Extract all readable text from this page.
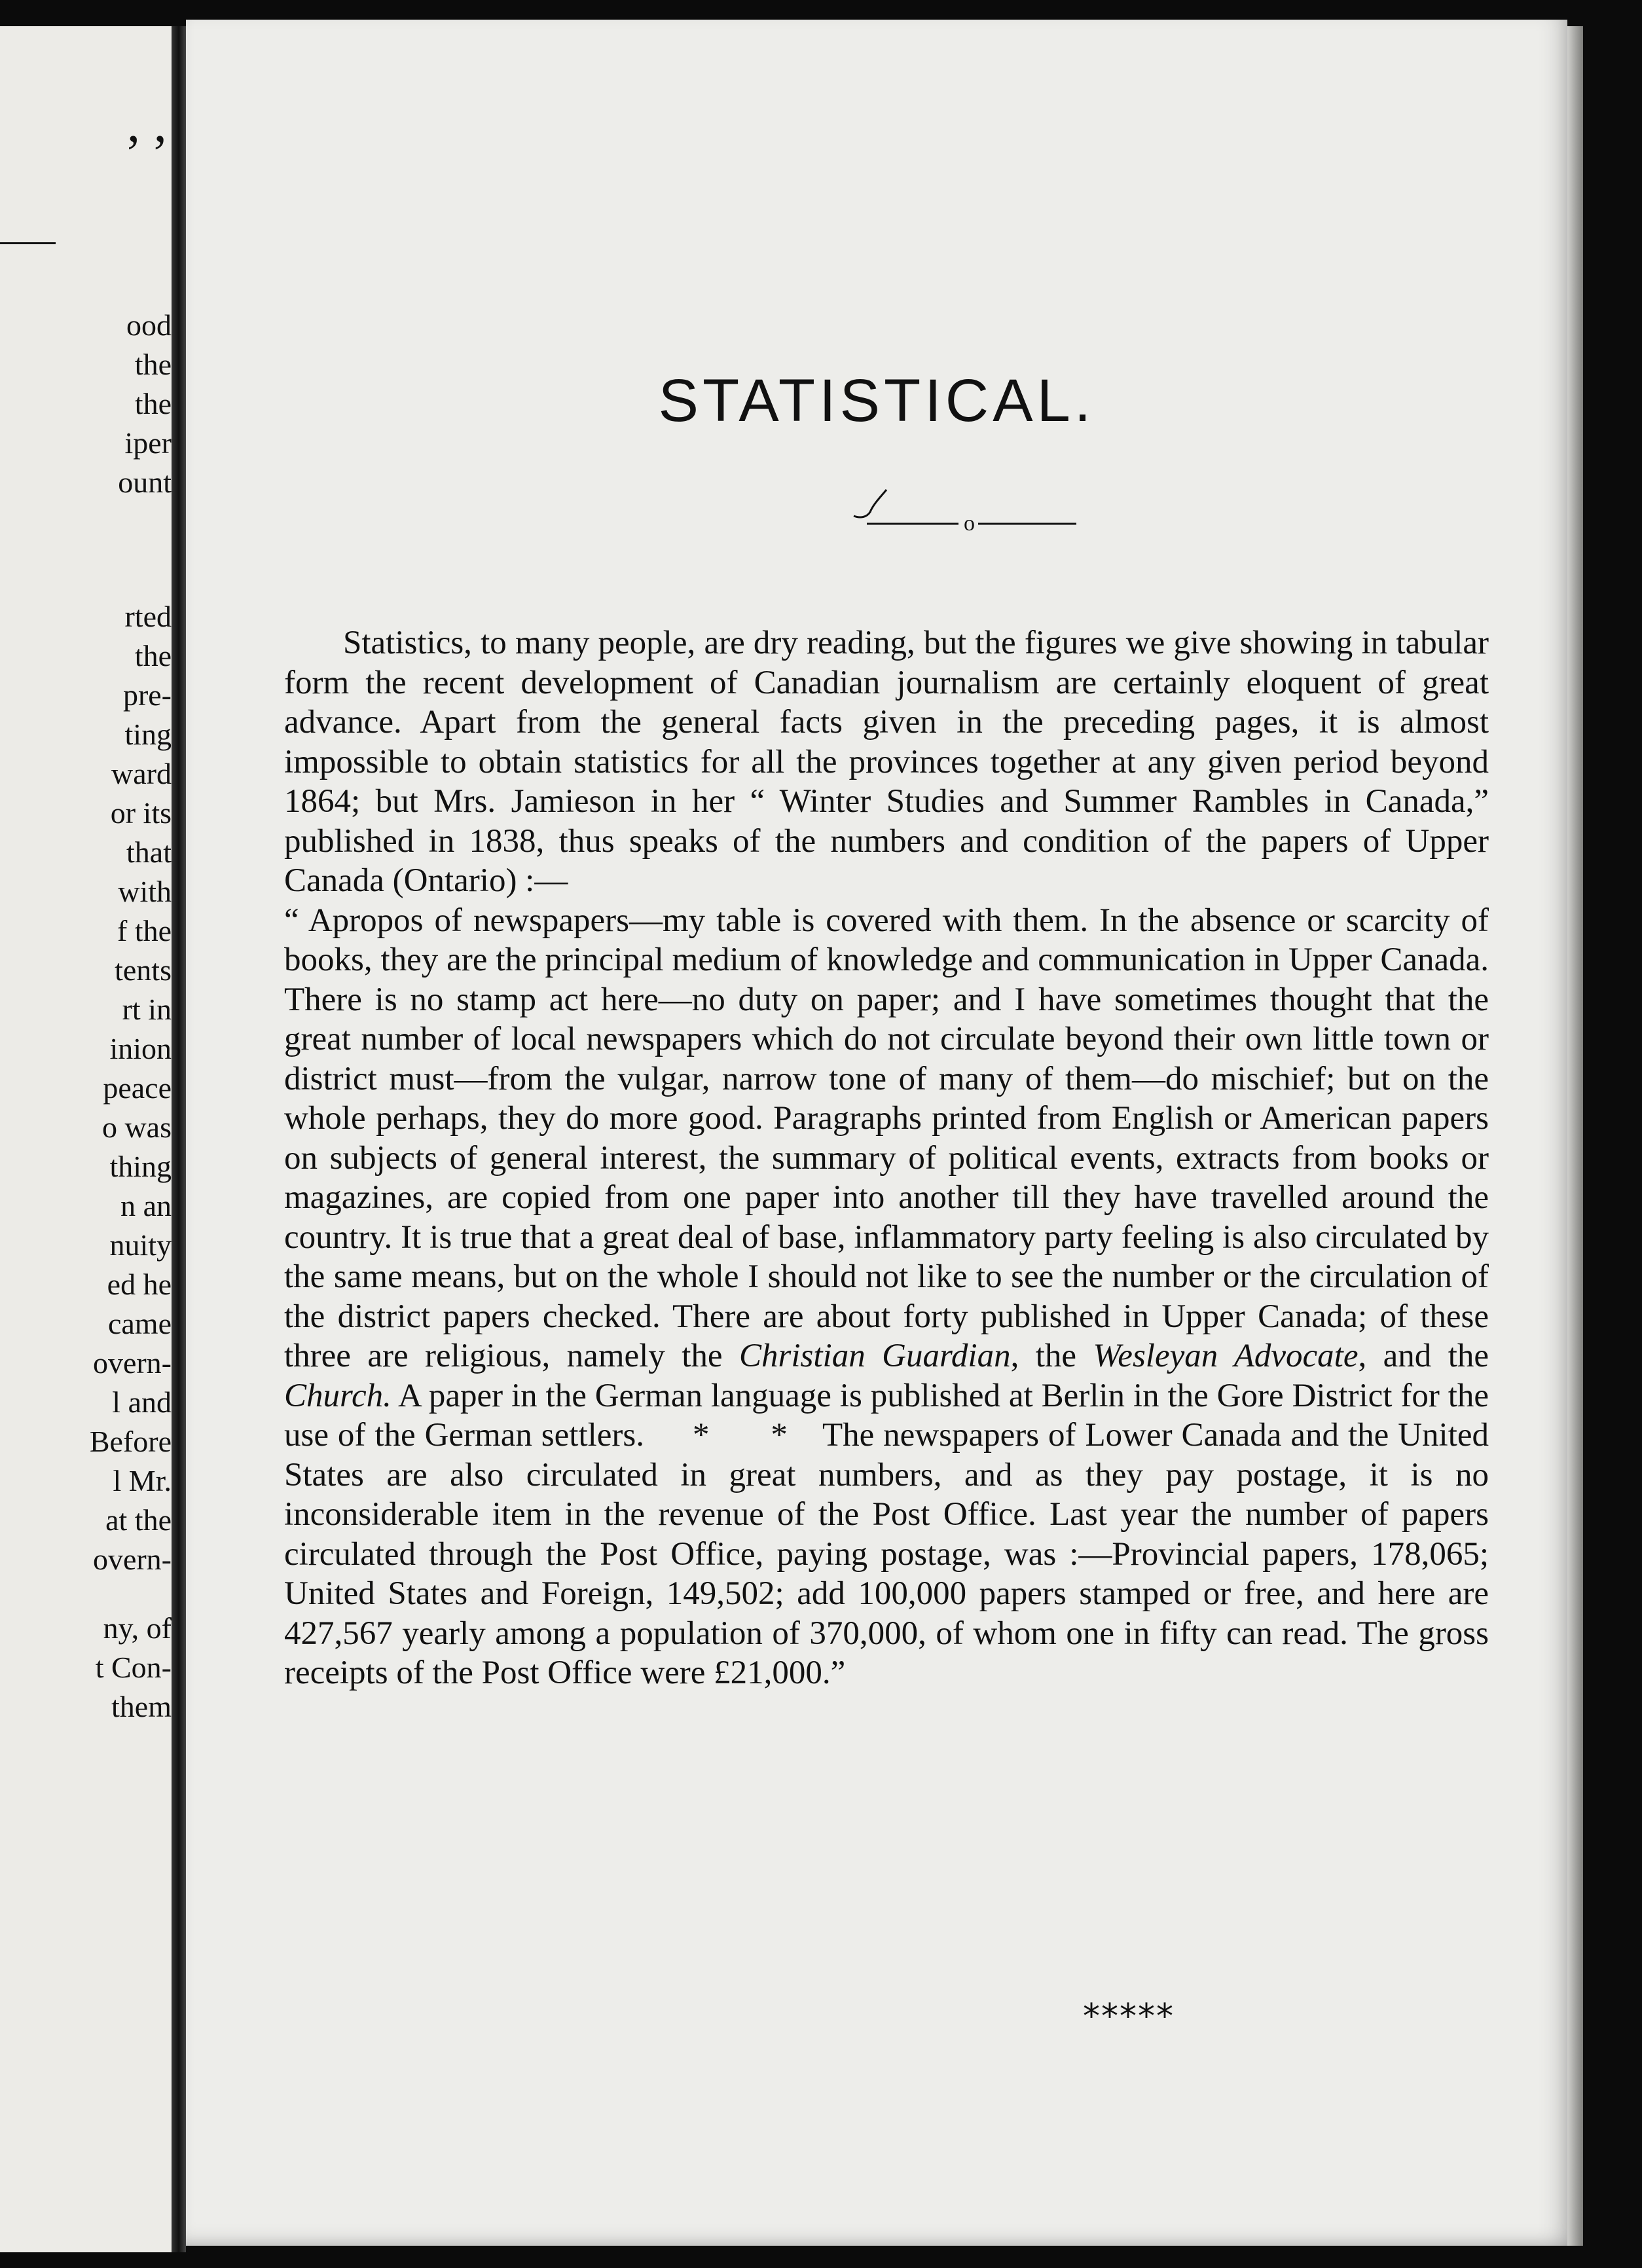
’ ’
ood
the
the
iper
ount
rted
the
pre-
ting
ward
or its
that
with
f the
tents
rt in
inion
peace
o was
thing
n an
nuity
ed he
came
overn-
l and
Before
l Mr.
at the
overn-
ny, of
t Con-
them
STATISTICAL.
o

Statistics, to many people, are dry reading, but the figures we give showing in tabular form the recent development of Canadian journalism are certainly eloquent of great advance. Apart from the general facts given in the preceding pages, it is almost impossible to obtain statistics for all the provinces together at any given period beyond 1864; but Mrs. Jamieson in her “ Winter Studies and Summer Rambles in Canada,” published in 1838, thus speaks of the numbers and condition of the papers of Upper Canada (Ontario) :—

“ Apropos of newspapers—my table is covered with them. In the absence or scarcity of books, they are the principal medium of knowledge and communication in Upper Canada. There is no stamp act here—no duty on paper; and I have sometimes thought that the great number of local newspapers which do not circulate beyond their own little town or district must—from the vulgar, narrow tone of many of them—do mischief; but on the whole perhaps, they do more good. Paragraphs printed from English or American papers on subjects of general interest, the summary of political events, extracts from books or magazines, are copied from one paper into another till they have travelled around the country. It is true that a great deal of base, inflammatory party feeling is also circulated by the same means, but on the whole I should not like to see the number or the circulation of the district papers checked. There are about forty published in Upper Canada; of these three are religious, namely the Christian Guardian, the Wesleyan Advocate, and the Church. A paper in the German language is published at Berlin in the Gore District for the use of the German settlers. * * The newspapers of Lower Canada and the United States are also circulated in great numbers, and as they pay postage, it is no inconsiderable item in the revenue of the Post Office. Last year the number of papers circulated through the Post Office, paying postage, was :—Provincial papers, 178,065; United States and Foreign, 149,502; add 100,000 papers stamped or free, and here are 427,567 yearly among a population of 370,000, of whom one in fifty can read. The gross receipts of the Post Office were £21,000.”

*****
